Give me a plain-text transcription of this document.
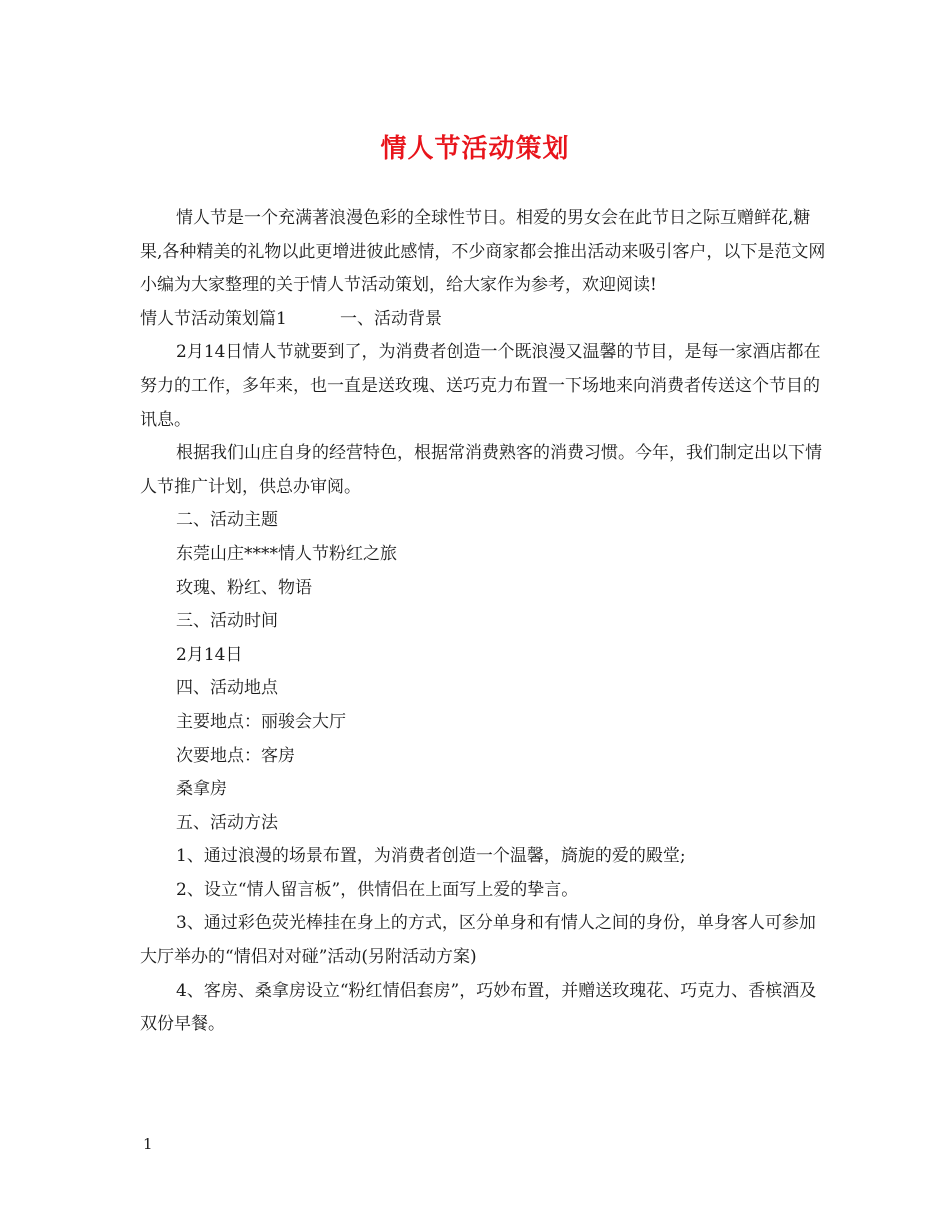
情人节活动策划

情人节是一个充满著浪漫色彩的全球性节日。相爱的男女会在此节日之际互赠鲜花,糖果,各种精美的礼物以此更增进彼此感情，不少商家都会推出活动来吸引客户，以下是范文网小编为大家整理的关于情人节活动策划，给大家作为参考，欢迎阅读!

情人节活动策划篇1	一、活动背景

2月14日情人节就要到了，为消费者创造一个既浪漫又温馨的节目，是每一家酒店都在努力的工作，多年来，也一直是送玫瑰、送巧克力布置一下场地来向消费者传送这个节目的讯息。

根据我们山庄自身的经营特色，根据常消费熟客的消费习惯。今年，我们制定出以下情人节推广计划，供总办审阅。

二、活动主题

东莞山庄****情人节粉红之旅

玫瑰、粉红、物语

三、活动时间

2月14日

四、活动地点

主要地点：丽骏会大厅

次要地点：客房

桑拿房

五、活动方法

1、通过浪漫的场景布置，为消费者创造一个温馨，旖旎的爱的殿堂;

2、设立“情人留言板”，供情侣在上面写上爱的挚言。

3、通过彩色荧光棒挂在身上的方式，区分单身和有情人之间的身份，单身客人可参加大厅举办的“情侣对对碰”活动(另附活动方案)

4、客房、桑拿房设立“粉红情侣套房”，巧妙布置，并赠送玫瑰花、巧克力、香槟酒及双份早餐。

1
